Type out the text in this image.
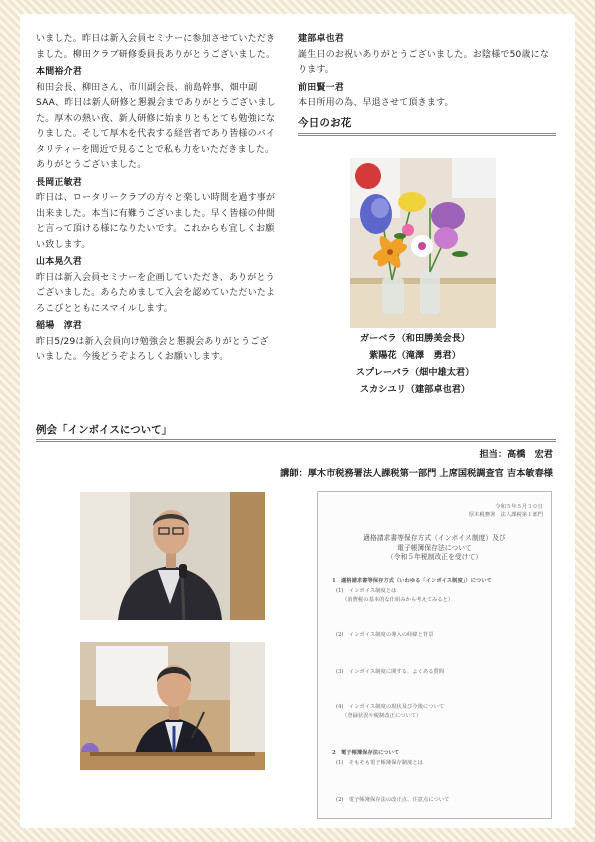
いました。昨日は新入会員セミナーに参加させていただきました。柳田クラブ研修委員長ありがとうございました。

本間裕介君

和田会長、柳田さん、市川副会長、前島幹事、畑中副SAA、昨日は新人研修と懇親会までありがとうございました。厚木の熱い夜、新人研修に始まりともとても勉強になりました。そして厚木を代表する経営者であり皆様のバイタリティーを間近で見ることで私も力をいただきました。ありがとうございました。

長岡正敏君

昨日は、ロータリークラブの方々と楽しい時間を過す事が出来ました。本当に有難うございました。早く皆様の仲間と言って頂ける様になりたいです。これからも宜しくお願い致します。

山本晃久君

昨日は新入会員セミナーを企画していただき、ありがとうございました。あらためまして入会を認めていただいたよろこびとともにスマイルします。

稲場　淳君

昨日5/29は新入会員向け勉強会と懇親会ありがとうございました。今後どうぞよろしくお願いします。

建部卓也君

誕生日のお祝いありがとうございました。お陰様で50歳になります。

前田賢一君

本日所用の為、早退させて頂きます。

今日のお花
ガーベラ（和田勝美会長）
紫陽花（滝澤　勇君）
スプレーバラ（畑中雄太君）
スカシユリ（建部卓也君）
例会「インボイスについて」
担当：高橋　宏君
講師：厚木市税務署法人課税第一部門 上席国税調査官 吉本敏春様
令和５年５月３０日
厚木税務署　法人課税第１部門
適格請求書等保存方式（インボイス制度）及び
電子帳簿保存法について
（令和５年税制改正を受けて）
1　適格請求書等保存方式（いわゆる「インボイス制度」）について
(1)　インボイス制度とは
（消費税の基本的な仕組みから考えてみると）
(2)　インボイス制度の導入の経緯と背景
(3)　インボイス制度に関する、よくある質問
(4)　インボイス制度の現状及び今後について
（登録状況や税制改正について）
2　電子帳簿保存法について
(1)　そもそも電子帳簿保存制度とは
(2)　電子帳簿保存法の改正点、注意点について
